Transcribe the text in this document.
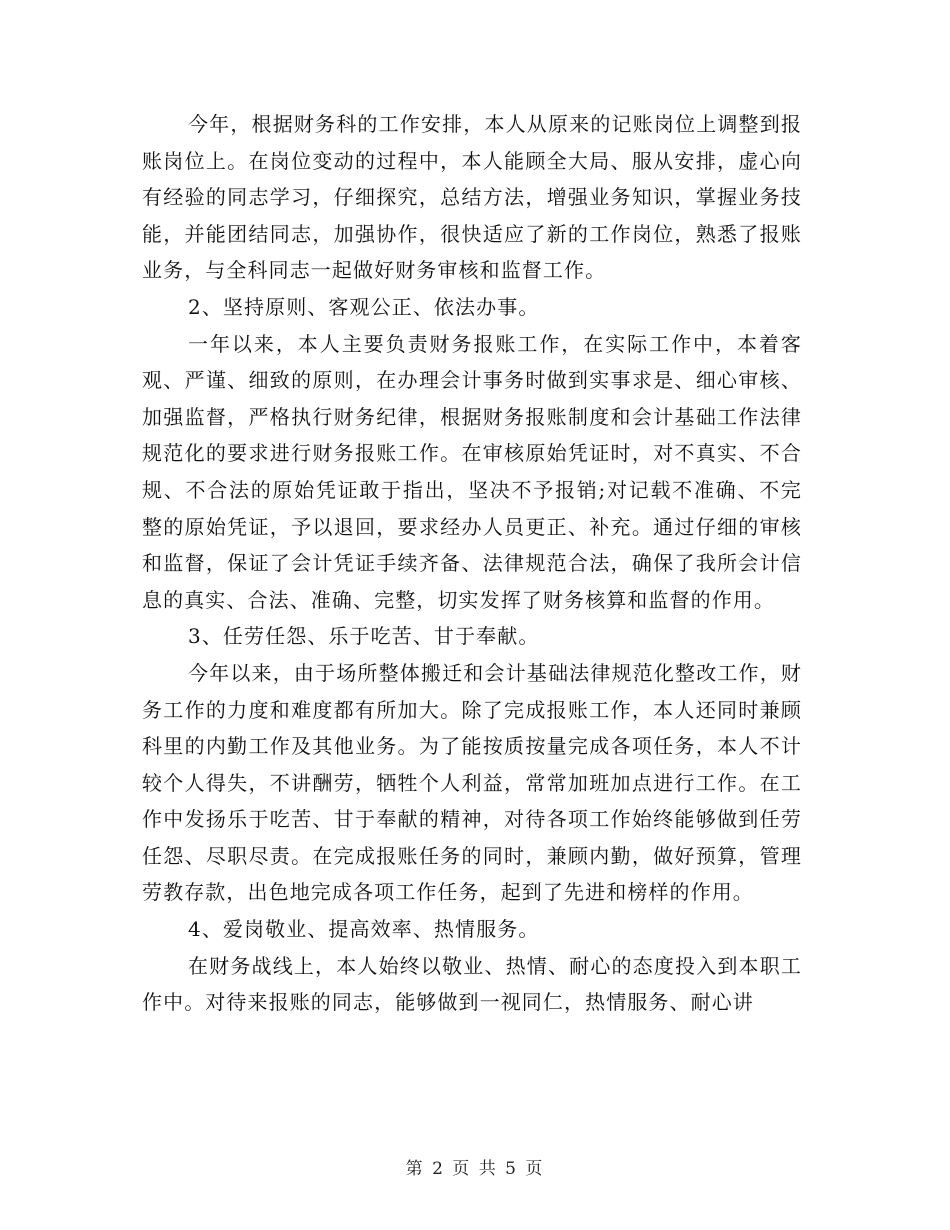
今年，根据财务科的工作安排，本人从原来的记账岗位上调整到报账岗位上。在岗位变动的过程中，本人能顾全大局、服从安排，虚心向有经验的同志学习，仔细探究，总结方法，增强业务知识，掌握业务技能，并能团结同志，加强协作，很快适应了新的工作岗位，熟悉了报账业务，与全科同志一起做好财务审核和监督工作。

2、坚持原则、客观公正、依法办事。

一年以来，本人主要负责财务报账工作，在实际工作中，本着客观、严谨、细致的原则，在办理会计事务时做到实事求是、细心审核、加强监督，严格执行财务纪律，根据财务报账制度和会计基础工作法律规范化的要求进行财务报账工作。在审核原始凭证时，对不真实、不合规、不合法的原始凭证敢于指出，坚决不予报销;对记载不准确、不完整的原始凭证，予以退回，要求经办人员更正、补充。通过仔细的审核和监督，保证了会计凭证手续齐备、法律规范合法，确保了我所会计信息的真实、合法、准确、完整，切实发挥了财务核算和监督的作用。

3、任劳任怨、乐于吃苦、甘于奉献。

今年以来，由于场所整体搬迁和会计基础法律规范化整改工作，财务工作的力度和难度都有所加大。除了完成报账工作，本人还同时兼顾科里的内勤工作及其他业务。为了能按质按量完成各项任务，本人不计较个人得失，不讲酬劳，牺牲个人利益，常常加班加点进行工作。在工作中发扬乐于吃苦、甘于奉献的精神，对待各项工作始终能够做到任劳任怨、尽职尽责。在完成报账任务的同时，兼顾内勤，做好预算，管理劳教存款，出色地完成各项工作任务，起到了先进和榜样的作用。

4、爱岗敬业、提高效率、热情服务。

在财务战线上，本人始终以敬业、热情、耐心的态度投入到本职工作中。对待来报账的同志，能够做到一视同仁，热情服务、耐心讲

第 2 页 共 5 页
